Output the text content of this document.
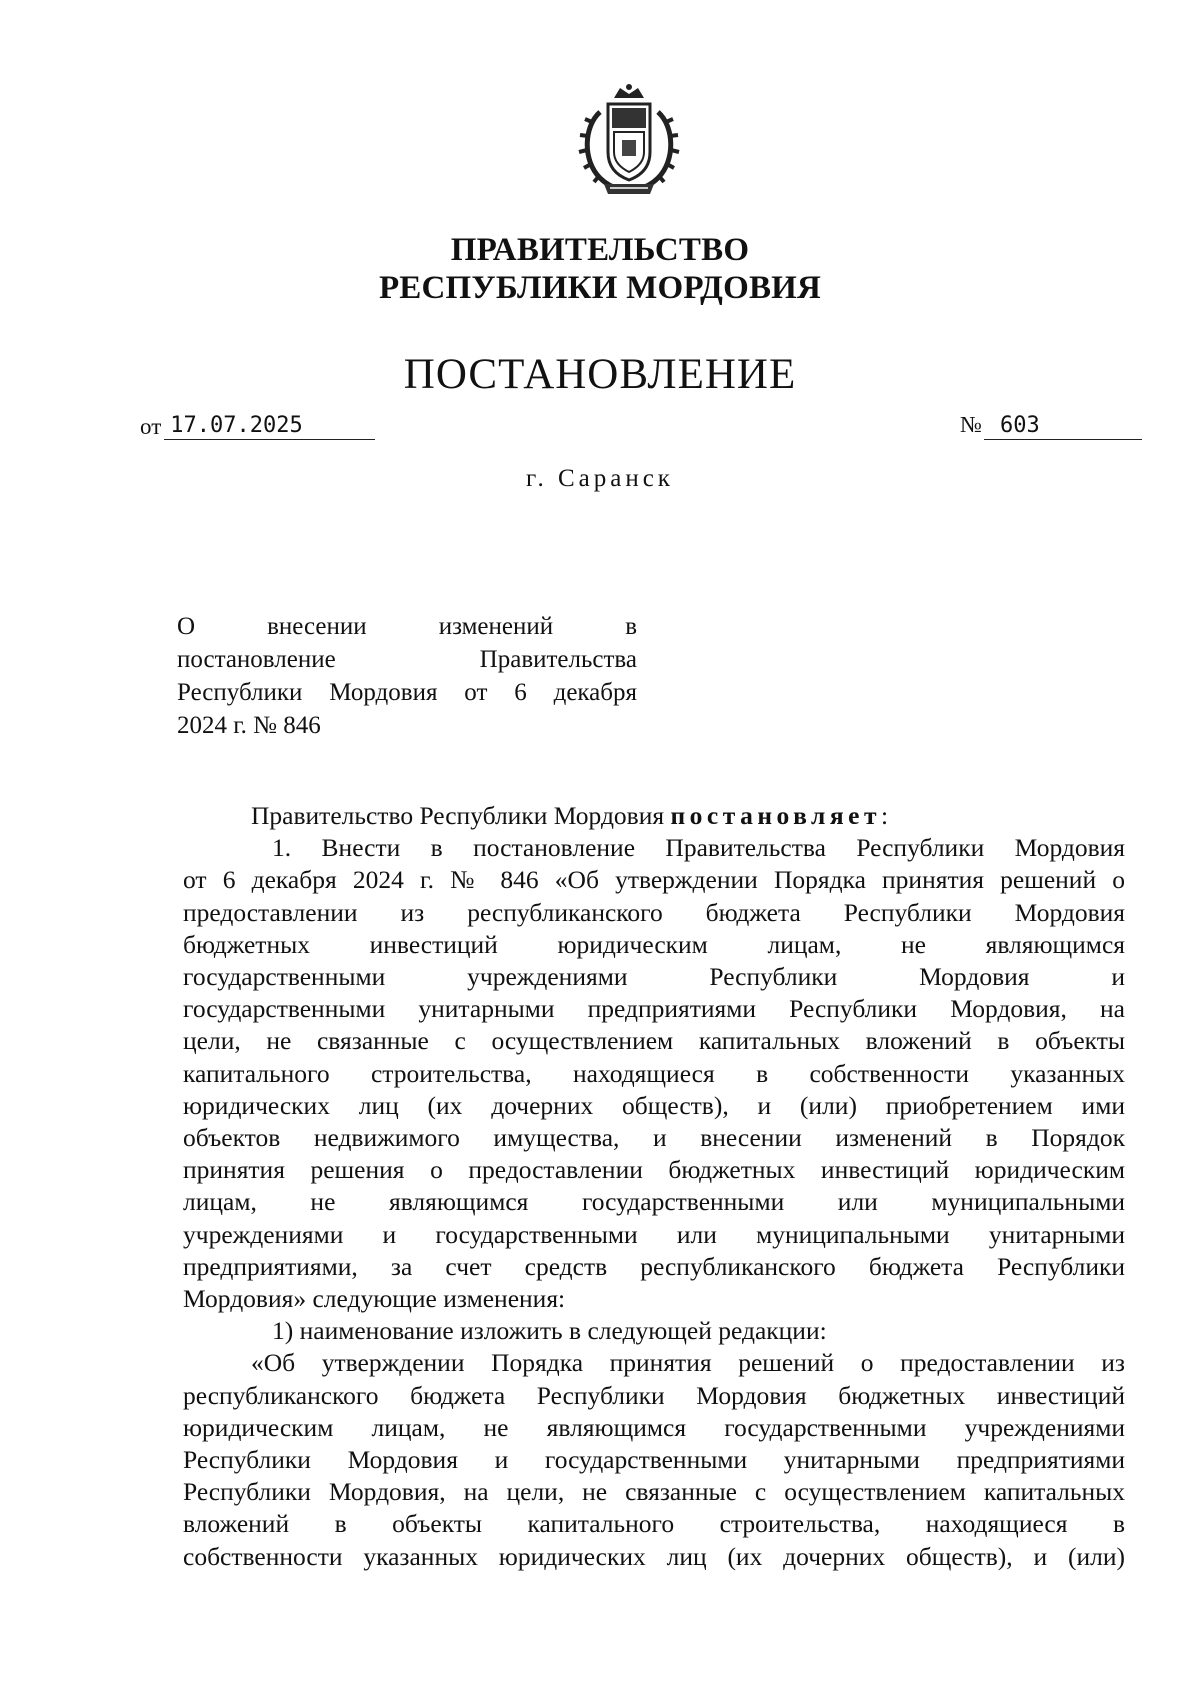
ПРАВИТЕЛЬСТВО
РЕСПУБЛИКИ МОРДОВИЯ
ПОСТАНОВЛЕНИЕ
от 17.07.2025	№ 603
г. Саранск
О внесении изменений в
постановление Правительства
Республики Мордовия от 6 декабря
2024 г. № 846
Правительство Республики Мордовия постановляет:
1. Внести в постановление Правительства Республики Мордовия
от 6 декабря 2024 г. № 846 «Об утверждении Порядка принятия решений о
предоставлении из республиканского бюджета Республики Мордовия
бюджетных инвестиций юридическим лицам, не являющимся
государственными учреждениями Республики Мордовия и
государственными унитарными предприятиями Республики Мордовия, на
цели, не связанные с осуществлением капитальных вложений в объекты
капитального строительства, находящиеся в собственности указанных
юридических лиц (их дочерних обществ), и (или) приобретением ими
объектов недвижимого имущества, и внесении изменений в Порядок
принятия решения о предоставлении бюджетных инвестиций юридическим
лицам, не являющимся государственными или муниципальными
учреждениями и государственными или муниципальными унитарными
предприятиями, за счет средств республиканского бюджета Республики
Мордовия» следующие изменения:
1) наименование изложить в следующей редакции:
«Об утверждении Порядка принятия решений о предоставлении из
республиканского бюджета Республики Мордовия бюджетных инвестиций
юридическим лицам, не являющимся государственными учреждениями
Республики Мордовия и государственными унитарными предприятиями
Республики Мордовия, на цели, не связанные с осуществлением капитальных
вложений в объекты капитального строительства, находящиеся в
собственности указанных юридических лиц (их дочерних обществ), и (или)
